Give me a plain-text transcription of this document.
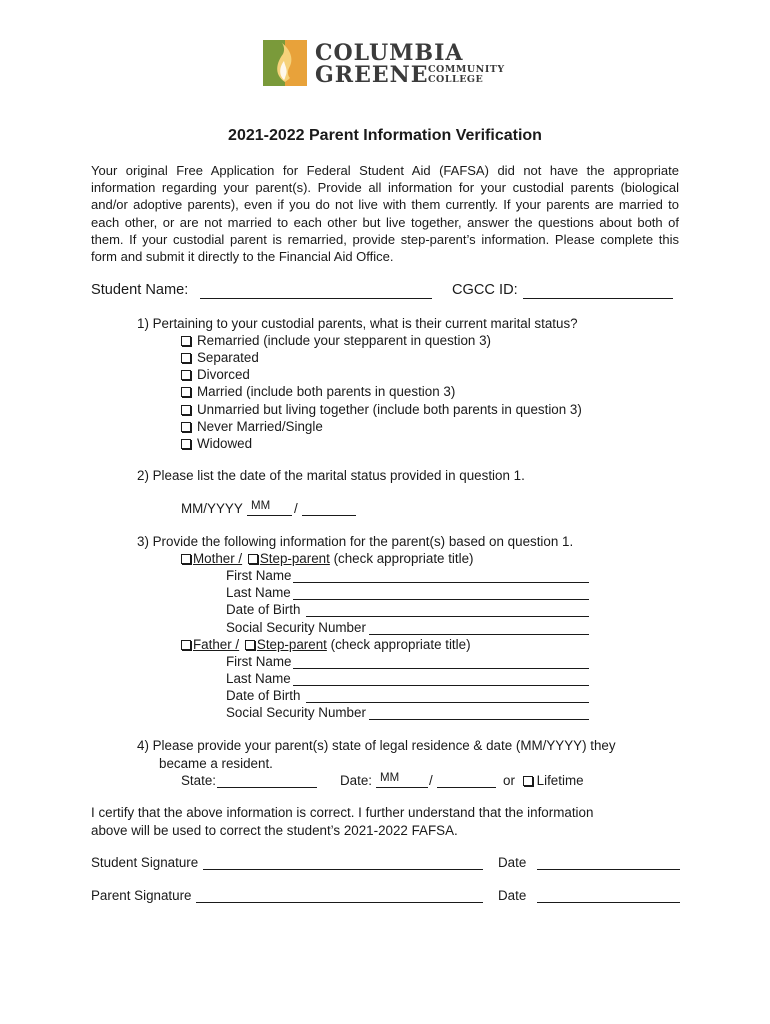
COLUMBIA
GREENE COMMUNITY
COLLEGE
2021-2022 Parent Information Verification

Your original Free Application for Federal Student Aid (FAFSA) did not have the appropriate information regarding your parent(s). Provide all information for your custodial parents (biological and/or adoptive parents), even if you do not live with them currently. If your parents are married to each other, or are not married to each other but live together, answer the questions about both of them. If your custodial parent is remarried, provide step-parent’s information. Please complete this form and submit it directly to the Financial Aid Office.

Student Name:	CGCC ID:
1) Pertaining to your custodial parents, what is their current marital status?
Remarried (include your stepparent in question 3)
Separated
Divorced
Married (include both parents in question 3)
Unmarried but living together (include both parents in question 3)
Never Married/Single
Widowed
2) Please list the date of the marital status provided in question 1.
MM/YYYY MM /
3) Provide the following information for the parent(s) based on question 1.
Mother / Step-parent (check appropriate title)
First Name
Last Name
Date of Birth
Social Security Number
Father / Step-parent (check appropriate title)
First Name
Last Name
Date of Birth
Social Security Number
4) Please provide your parent(s) state of legal residence & date (MM/YYYY) they
became a resident.
State:	Date: MM /	or Lifetime
I certify that the above information is correct. I further understand that the information
above will be used to correct the student’s 2021-2022 FAFSA.
Student Signature	Date
Parent Signature	Date
